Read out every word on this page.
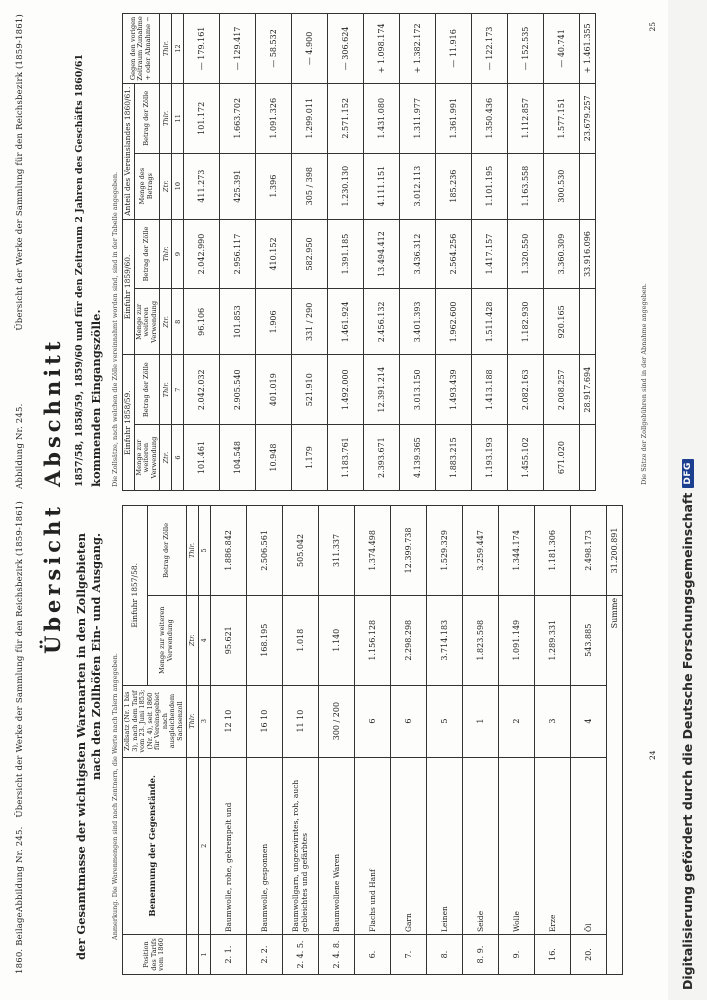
1860. Beilage.
Abbildung Nr. 245.
Übersicht der Werke der Sammlung für den Reichsbezirk (1859-1861) Übersicht der Gesamtmasse der wichtigsten Warenarten in den Zollgebieten nach den Zollhöfen Ein- und Ausgang. Anmerkung. Die Warenmengen sind nach Zentnern, die Werte nach Talern angegeben.
Position des Tarifs vom 1860	Benennung der Gegenstände.	Zollsatz (Nr. 1 bis 3), nach dem Tarif vom 23. Juni 1853; (Nr. 4), seit 1860 für Vereinsgebiet nach ausgleichendem Sachsenzoll	Einfuhr 1857/58.	
			Menge zur weiteren Verwendung	Betrag der Zölle
		Thlr.	Ztr.	Thlr.
1	2	3	4	5
2. 1.	Baumwolle, rohe, gekrempelt und	12 10	95.621	1.886.842
2. 2.	Baumwolle, gesponnen	16 10	168.195	2.506.561
2. 4. 5.	Baumwollgarn, ungezwirntes, roh, auch gebleichtes und gefärbtes	11 10	1.018	505.042
2. 4. 8.	Baumwollene Waren	300 / 200	1.140	311.337
6.	Flachs und Hanf	6	1.156.128	1.374.498
7.	Garn	6	2.298.298	12.399.738
8.	Leinen	5	3.714.183	1.529.329
8. 9.	Seide	1	1.823.598	3.259.447
9.	Wolle	2	1.091.149	1.344.174
16.	Erze	3	1.289.331	1.181.306
20.	Öl	4	543.885	2.498.173
Summe				31.200.891
24
Abbildung Nr. 245.
Übersicht der Werke der Sammlung für den Reichsbezirk (1859-1861)
Abschnitt 1857/58, 1858/59, 1859/60 und für den Zeitraum 2 Jahren des Geschäfts 1860/61 kommenden Eingangszölle. Die Zollsätze, nach welchen die Zölle vereinnahmt worden sind, sind in der Tabelle angegeben. Einfuhr 1858/59.		Einfuhr 1859/60.		Anteil des Vereinslandes 1860/61.		Gegen den vorigen Zeitraum Zunahme + oder Abnahme −
Menge zur weiteren Verwendung	Betrag der Zölle	Menge zur weiteren Verwendung	Betrag der Zölle	Menge des Betrags	Betrag der Zölle	
Ztr.	Thlr.	Ztr.	Thlr.	Ztr.	Thlr.	Thlr.
6	7	8	9	10	11	12
101.461	2.042.032	96.106	2.042.990	411.273	101.172	— 179.161
104.548	2.905.540	101.853	2.956.117	425.391	1.663.702	— 129.417
10.948	401.019	1.906	410.152	1.396	1.091.326	— 58.532
1.179	521.910	331 / 290	582.950	305 / 398	1.299.011	— 4.900
1.183.761	1.492.000	1.461.924	1.391.185	1.230.130	2.571.152	— 306.624
2.393.671	12.391.214	2.456.132	13.494.412	4.111.151	1.431.080	+ 1.098.174
4.139.365	3.013.150	3.401.393	3.436.312	3.012.113	1.311.977	+ 1.382.172
1.883.215	1.493.439	1.962.600	2.564.256	185.236	1.361.991	— 11.916
1.193.193	1.413.188	1.511.428	1.417.157	1.101.195	1.350.436	— 122.173
1.455.102	2.082.163	1.182.930	1.320.550	1.163.558	1.112.857	— 152.535
671.020	2.008.257	920.165	3.360.309	300.530	1.577.151	— 40.741
	28.917.694		33.916.096		23.679.257	+ 1.461.355
Die Sätze der Zollgebühren sind in der Abnahme angegeben.
25
Digitalisierung gefördert durch die Deutsche Forschungsgemeinschaft
DFG
